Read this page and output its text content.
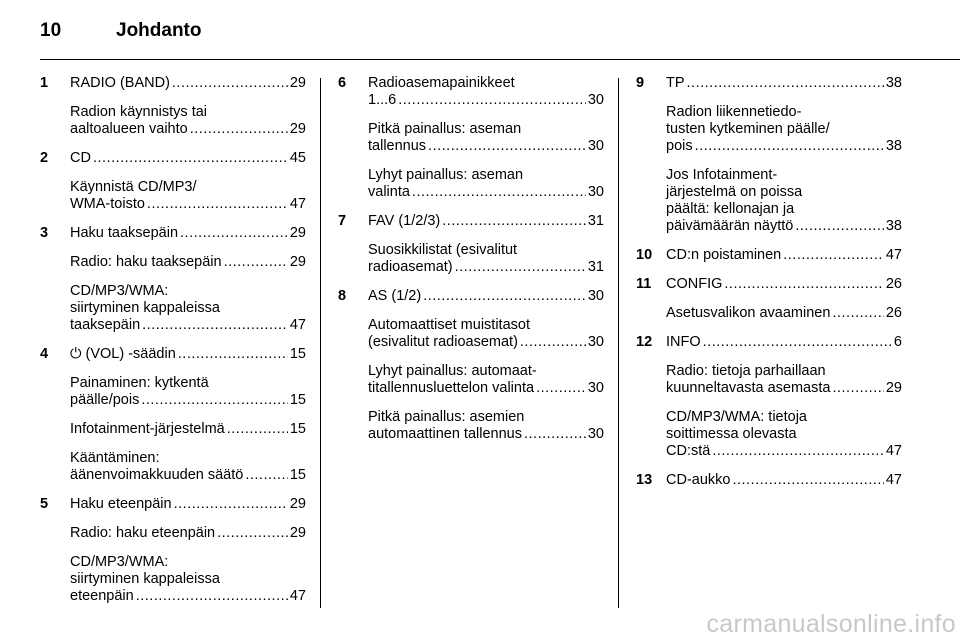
10	Johdanto
1 RADIO (BAND) .....	29
Radion käynnistys tai
aaltoalueen vaihto .....	29
2 CD .....	45
Käynnistä CD/MP3/
WMA-toisto .....	47
3 Haku taaksepäin .....	29
Radio: haku taaksepäin .....	29
CD/MP3/WMA:
siirtyminen kappaleissa
taaksepäin .....	47
4 ⏻ (VOL) -säädin .....	15
Painaminen: kytkentä
päälle/pois .....	15
Infotainment-järjestelmä .....	15
Kääntäminen:
äänenvoimakkuuden säätö .....	15
5 Haku eteenpäin .....	29
Radio: haku eteenpäin .....	29
CD/MP3/WMA:
siirtyminen kappaleissa
eteenpäin .....	47
6 Radioasemapainikkeet
1...6 .....	30
Pitkä painallus: aseman
tallennus .....	30
Lyhyt painallus: aseman
valinta .....	30
7 FAV (1/2/3) .....	31
Suosikkilistat (esivalitut
radioasemat) .....	31
8 AS (1/2) .....	30
Automaattiset muistitasot
(esivalitut radioasemat) .....	30
Lyhyt painallus: automaat-
titallennusluettelon valinta .....	30
Pitkä painallus: asemien
automaattinen tallennus .....	30
9 TP .....	38
Radion liikennetiedo-
tusten kytkeminen päälle/
pois .....	38
Jos Infotainment-
järjestelmä on poissa
päältä: kellonajan ja
päivämäärän näyttö .....	38
10 CD:n poistaminen .....	47
11 CONFIG .....	26
Asetusvalikon avaaminen .....	26
12 INFO .....	6
Radio: tietoja parhaillaan
kuunneltavasta asemasta .....	29
CD/MP3/WMA: tietoja
soittimessa olevasta
CD:stä .....	47
13 CD-aukko .....	47
carmanualsonline.info
